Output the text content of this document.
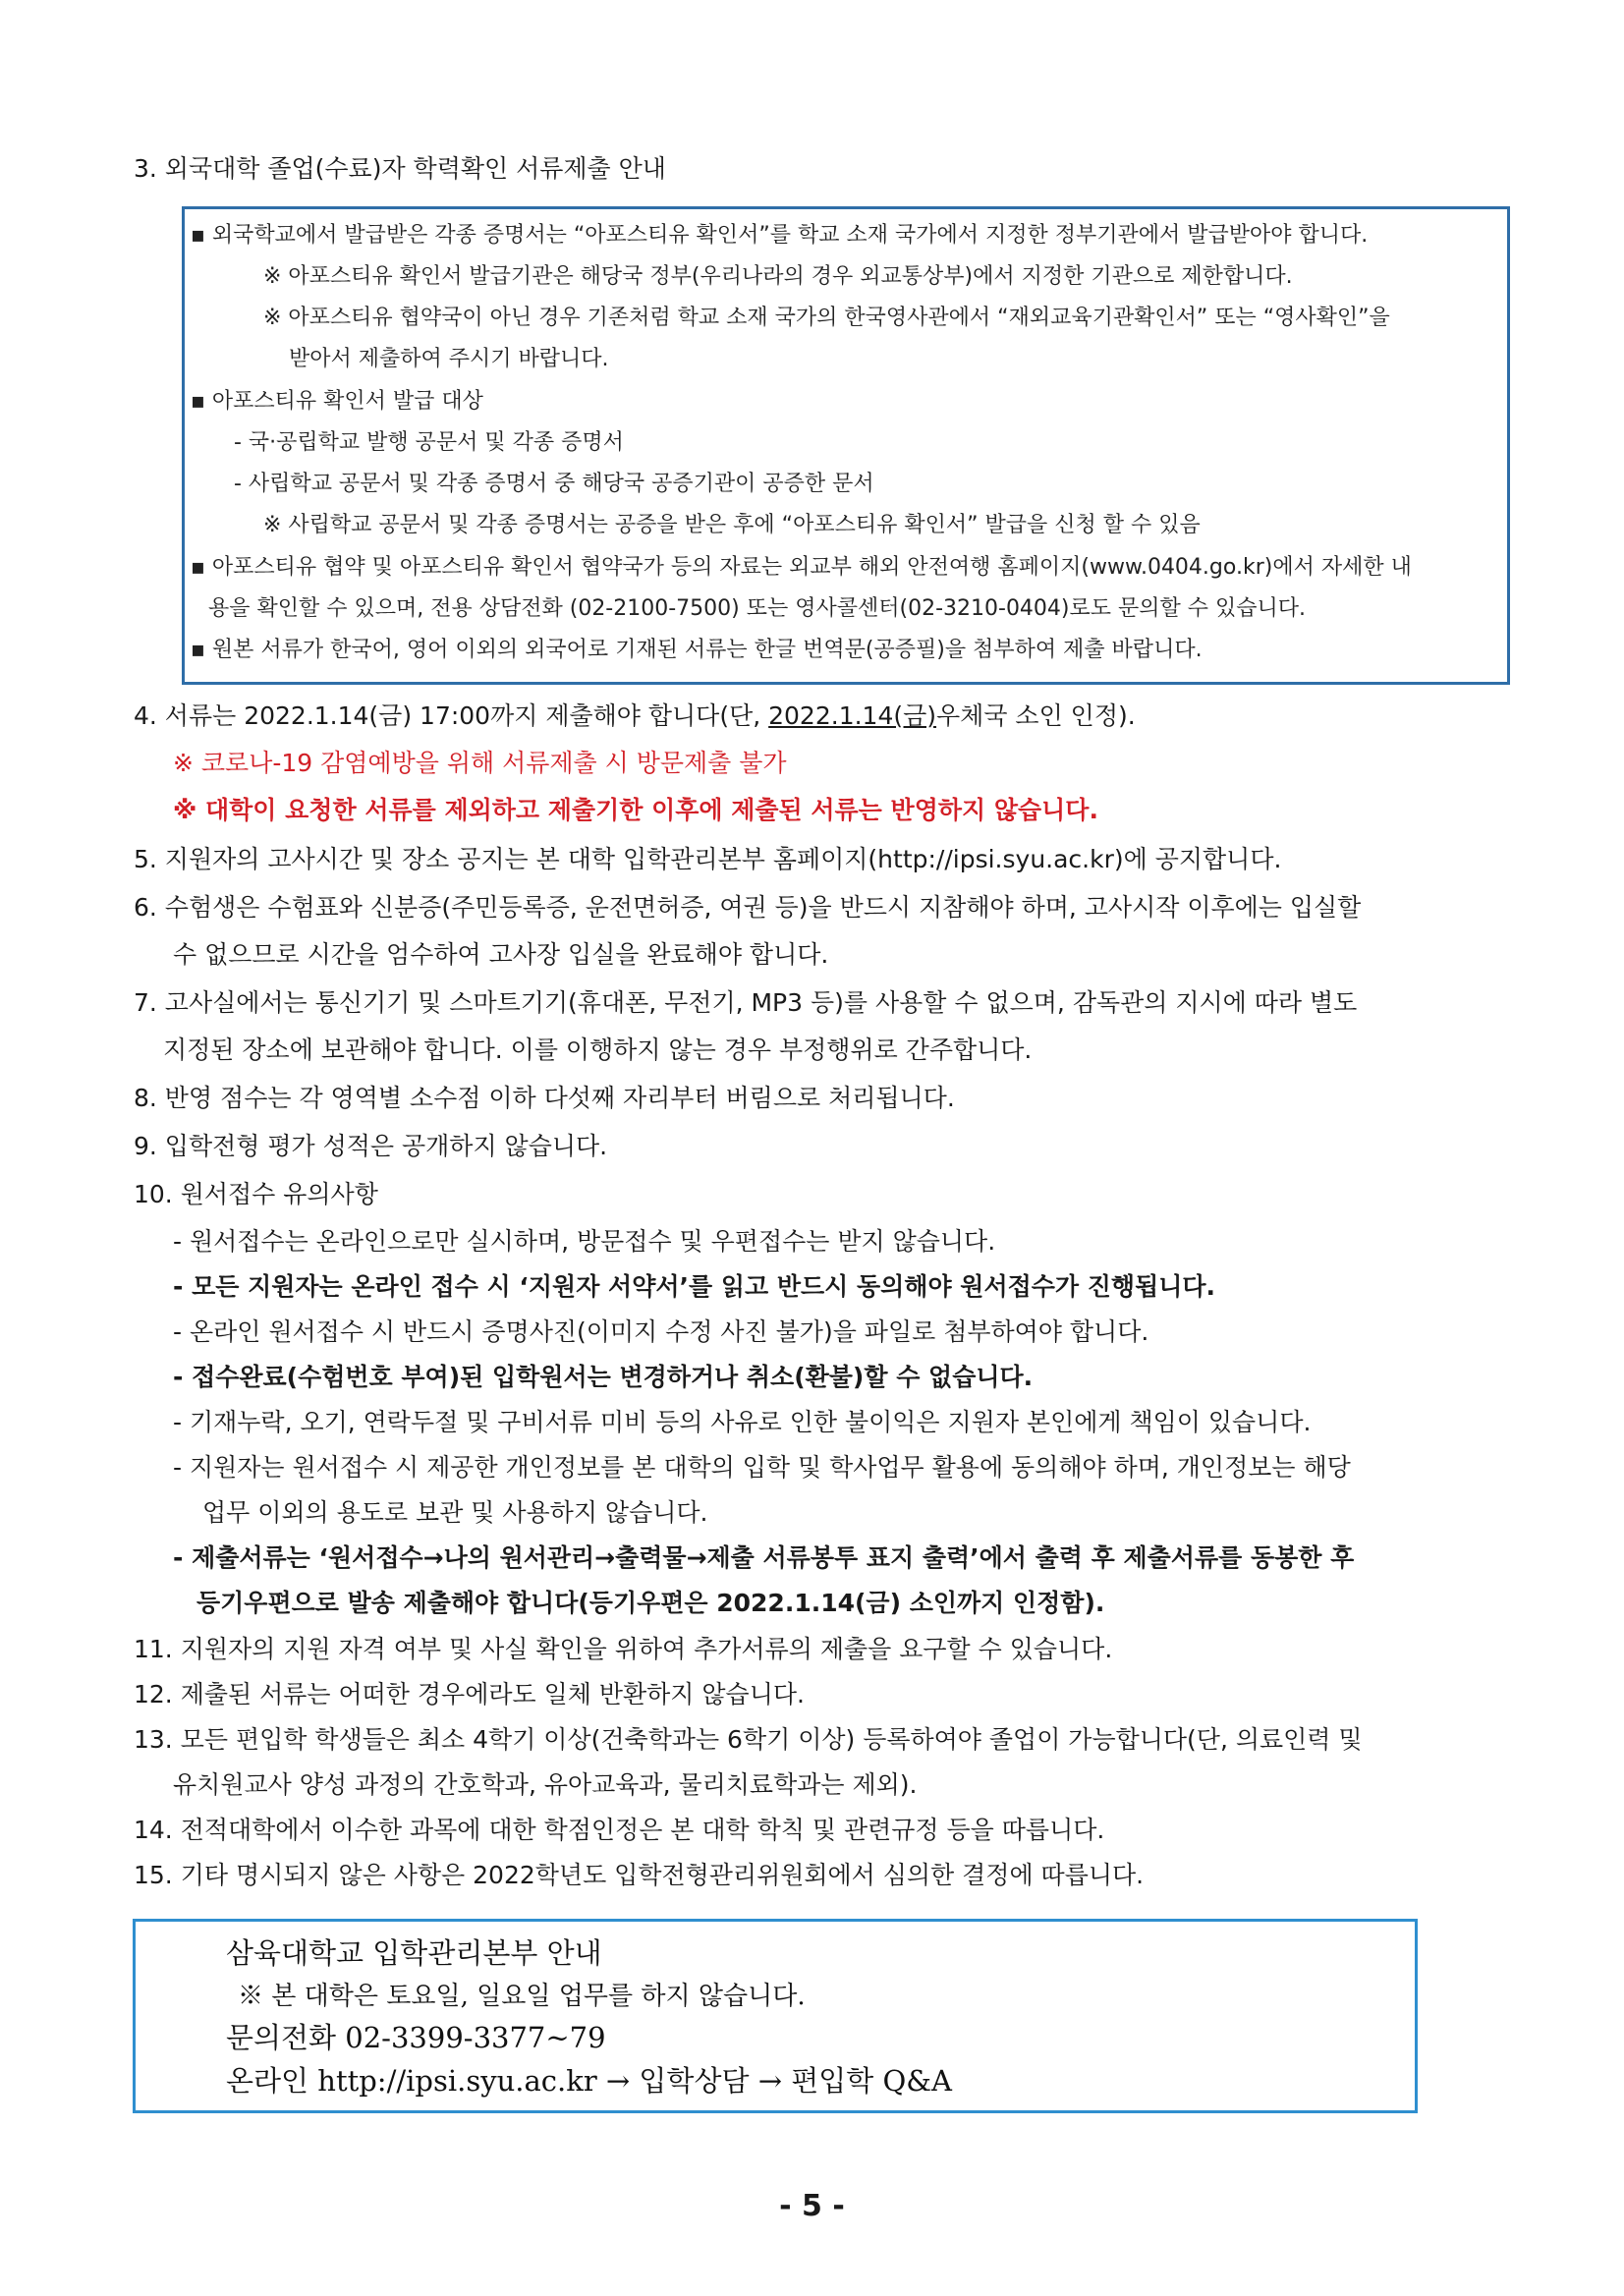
3. 외국대학 졸업(수료)자 학력확인 서류제출 안내
▪ 외국학교에서 발급받은 각종 증명서는 “아포스티유 확인서”를 학교 소재 국가에서 지정한 정부기관에서 발급받아야 합니다.
※ 아포스티유 확인서 발급기관은 해당국 정부(우리나라의 경우 외교통상부)에서 지정한 기관으로 제한합니다.
※ 아포스티유 협약국이 아닌 경우 기존처럼 학교 소재 국가의 한국영사관에서 “재외교육기관확인서” 또는 “영사확인”을
받아서 제출하여 주시기 바랍니다.
▪ 아포스티유 확인서 발급 대상
- 국·공립학교 발행 공문서 및 각종 증명서
- 사립학교 공문서 및 각종 증명서 중 해당국 공증기관이 공증한 문서
※ 사립학교 공문서 및 각종 증명서는 공증을 받은 후에 “아포스티유 확인서” 발급을 신청 할 수 있음
▪ 아포스티유 협약 및 아포스티유 확인서 협약국가 등의 자료는 외교부 해외 안전여행 홈페이지(www.0404.go.kr)에서 자세한 내
용을 확인할 수 있으며, 전용 상담전화 (02-2100-7500) 또는 영사콜센터(02-3210-0404)로도 문의할 수 있습니다.
▪ 원본 서류가 한국어, 영어 이외의 외국어로 기재된 서류는 한글 번역문(공증필)을 첨부하여 제출 바랍니다.
4. 서류는 2022.1.14(금) 17:00까지 제출해야 합니다(단, 2022.1.14(금)우체국 소인 인정).
※ 코로나-19 감염예방을 위해 서류제출 시 방문제출 불가
※ 대학이 요청한 서류를 제외하고 제출기한 이후에 제출된 서류는 반영하지 않습니다.
5. 지원자의 고사시간 및 장소 공지는 본 대학 입학관리본부 홈페이지(http://ipsi.syu.ac.kr)에 공지합니다.
6. 수험생은 수험표와 신분증(주민등록증, 운전면허증, 여권 등)을 반드시 지참해야 하며, 고사시작 이후에는 입실할
수 없으므로 시간을 엄수하여 고사장 입실을 완료해야 합니다.
7. 고사실에서는 통신기기 및 스마트기기(휴대폰, 무전기, MP3 등)를 사용할 수 없으며, 감독관의 지시에 따라 별도
지정된 장소에 보관해야 합니다. 이를 이행하지 않는 경우 부정행위로 간주합니다.
8. 반영 점수는 각 영역별 소수점 이하 다섯째 자리부터 버림으로 처리됩니다.
9. 입학전형 평가 성적은 공개하지 않습니다.
10. 원서접수 유의사항
- 원서접수는 온라인으로만 실시하며, 방문접수 및 우편접수는 받지 않습니다.
- 모든 지원자는 온라인 접수 시 ‘지원자 서약서’를 읽고 반드시 동의해야 원서접수가 진행됩니다.
- 온라인 원서접수 시 반드시 증명사진(이미지 수정 사진 불가)을 파일로 첨부하여야 합니다.
- 접수완료(수험번호 부여)된 입학원서는 변경하거나 취소(환불)할 수 없습니다.
- 기재누락, 오기, 연락두절 및 구비서류 미비 등의 사유로 인한 불이익은 지원자 본인에게 책임이 있습니다.
- 지원자는 원서접수 시 제공한 개인정보를 본 대학의 입학 및 학사업무 활용에 동의해야 하며, 개인정보는 해당
업무 이외의 용도로 보관 및 사용하지 않습니다.
- 제출서류는 ‘원서접수→나의 원서관리→출력물→제출 서류봉투 표지 출력’에서 출력 후 제출서류를 동봉한 후
등기우편으로 발송 제출해야 합니다(등기우편은 2022.1.14(금) 소인까지 인정함).
11. 지원자의 지원 자격 여부 및 사실 확인을 위하여 추가서류의 제출을 요구할 수 있습니다.
12. 제출된 서류는 어떠한 경우에라도 일체 반환하지 않습니다.
13. 모든 편입학 학생들은 최소 4학기 이상(건축학과는 6학기 이상) 등록하여야 졸업이 가능합니다(단, 의료인력 및
유치원교사 양성 과정의 간호학과, 유아교육과, 물리치료학과는 제외).
14. 전적대학에서 이수한 과목에 대한 학점인정은 본 대학 학칙 및 관련규정 등을 따릅니다.
15. 기타 명시되지 않은 사항은 2022학년도 입학전형관리위원회에서 심의한 결정에 따릅니다.
삼육대학교 입학관리본부 안내
※ 본 대학은 토요일, 일요일 업무를 하지 않습니다.
문의전화 02-3399-3377~79
온라인 http://ipsi.syu.ac.kr → 입학상담 → 편입학 Q&A
- 5 -
